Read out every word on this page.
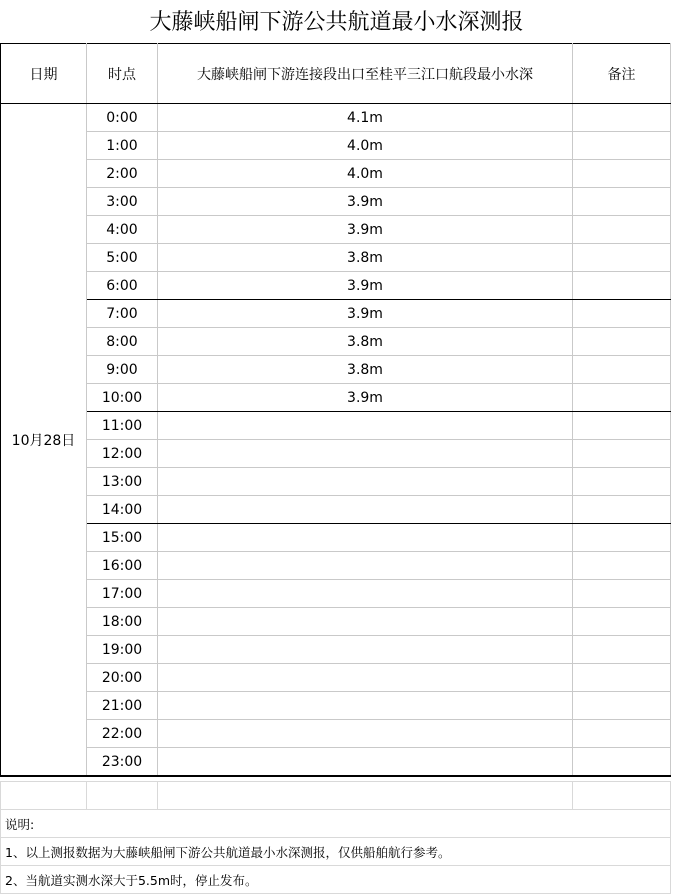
大藤峡船闸下游公共航道最小水深测报
日期	时点	大藤峡船闸下游连接段出口至桂平三江口航段最小水深	备注
10月28日	0:00	4.1m	
	1:00	4.0m	
	2:00	4.0m	
	3:00	3.9m	
	4:00	3.9m	
	5:00	3.8m	
	6:00	3.9m	
	7:00	3.9m	
	8:00	3.8m	
	9:00	3.8m	
	10:00	3.9m	
	11:00		
	12:00		
	13:00		
	14:00		
	15:00		
	16:00		
	17:00		
	18:00		
	19:00		
	20:00		
	21:00		
	22:00		
	23:00		

说明:
1、以上测报数据为大藤峡船闸下游公共航道最小水深测报，仅供船舶航行参考。
2、当航道实测水深大于5.5m时，停止发布。
